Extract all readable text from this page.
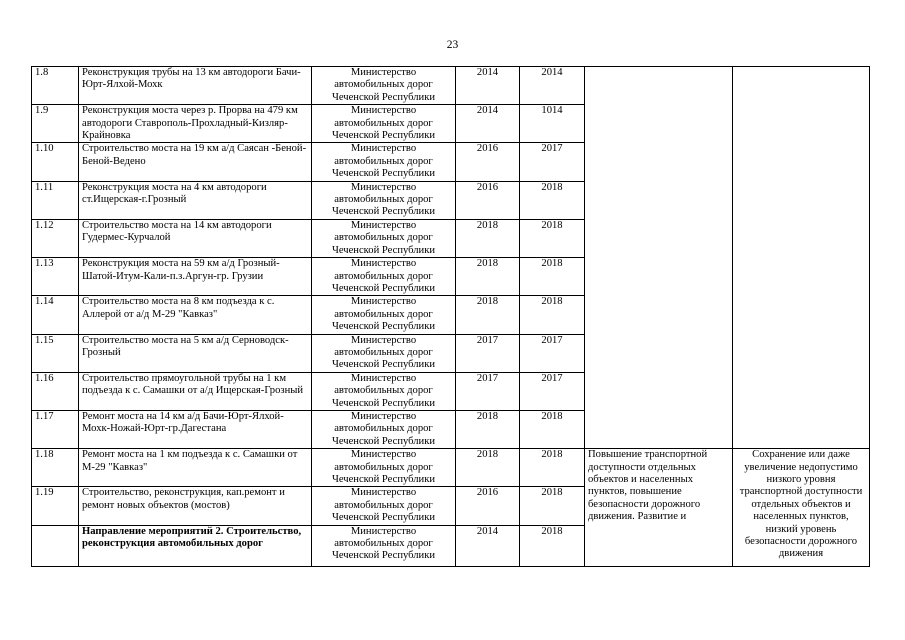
23
1.8	Реконструкция трубы на 13 км автодороги Бачи-Юрт-Ялхой-Мохк	Министерство автомобильных дорог Чеченской Республики	2014	2014		
1.9	Реконструкция моста через р. Прорва на 479 км автодороги Ставрополь-Прохладный-Кизляр-Крайновка	Министерство автомобильных дорог Чеченской Республики	2014	1014		
1.10	Строительство моста на 19 км а/д Саясан -Беной-Беной-Ведено	Министерство автомобильных дорог Чеченской Республики	2016	2017		
1.11	Реконструкция моста на 4 км автодороги ст.Ищерская-г.Грозный	Министерство автомобильных дорог Чеченской Республики	2016	2018		
1.12	Строительство моста на 14 км автодороги Гудермес-Курчалой	Министерство автомобильных дорог Чеченской Республики	2018	2018		
1.13	Реконструкция моста на 59 км а/д Грозный-Шатой-Итум-Кали-п.з.Аргун-гр. Грузии	Министерство автомобильных дорог Чеченской Республики	2018	2018		
1.14	Строительство моста на 8 км подъезда к с. Аллерой от а/д М-29 "Кавказ"	Министерство автомобильных дорог Чеченской Республики	2018	2018		
1.15	Строительство моста на 5 км а/д Серноводск-Грозный	Министерство автомобильных дорог Чеченской Республики	2017	2017		
1.16	Строительство прямоугольной трубы на 1 км подъезда к с. Самашки от а/д Ищерская-Грозный	Министерство автомобильных дорог Чеченской Республики	2017	2017		
1.17	Ремонт моста на 14 км а/д Бачи-Юрт-Ялхой-Мохк-Ножай-Юрт-гр.Дагестана	Министерство автомобильных дорог Чеченской Республики	2018	2018		
1.18	Ремонт моста на 1 км подъезда к с. Самашки от М-29 "Кавказ"	Министерство автомобильных дорог Чеченской Республики	2018	2018	Повышение транспортной доступности отдельных объектов и населенных пунктов, повышение безопасности дорожного движения. Развитие и	Сохранение или даже увеличение недопустимо низкого уровня транспортной доступности отдельных объектов и населенных пунктов, низкий уровень безопасности дорожного движения
1.19	Строительство, реконструкция, кап.ремонт и ремонт новых объектов (мостов)	Министерство автомобильных дорог Чеченской Республики	2016	2018		
	Направление мероприятий 2. Строительство, реконструкция автомобильных дорог	Министерство автомобильных дорог Чеченской Республики	2014	2018		
